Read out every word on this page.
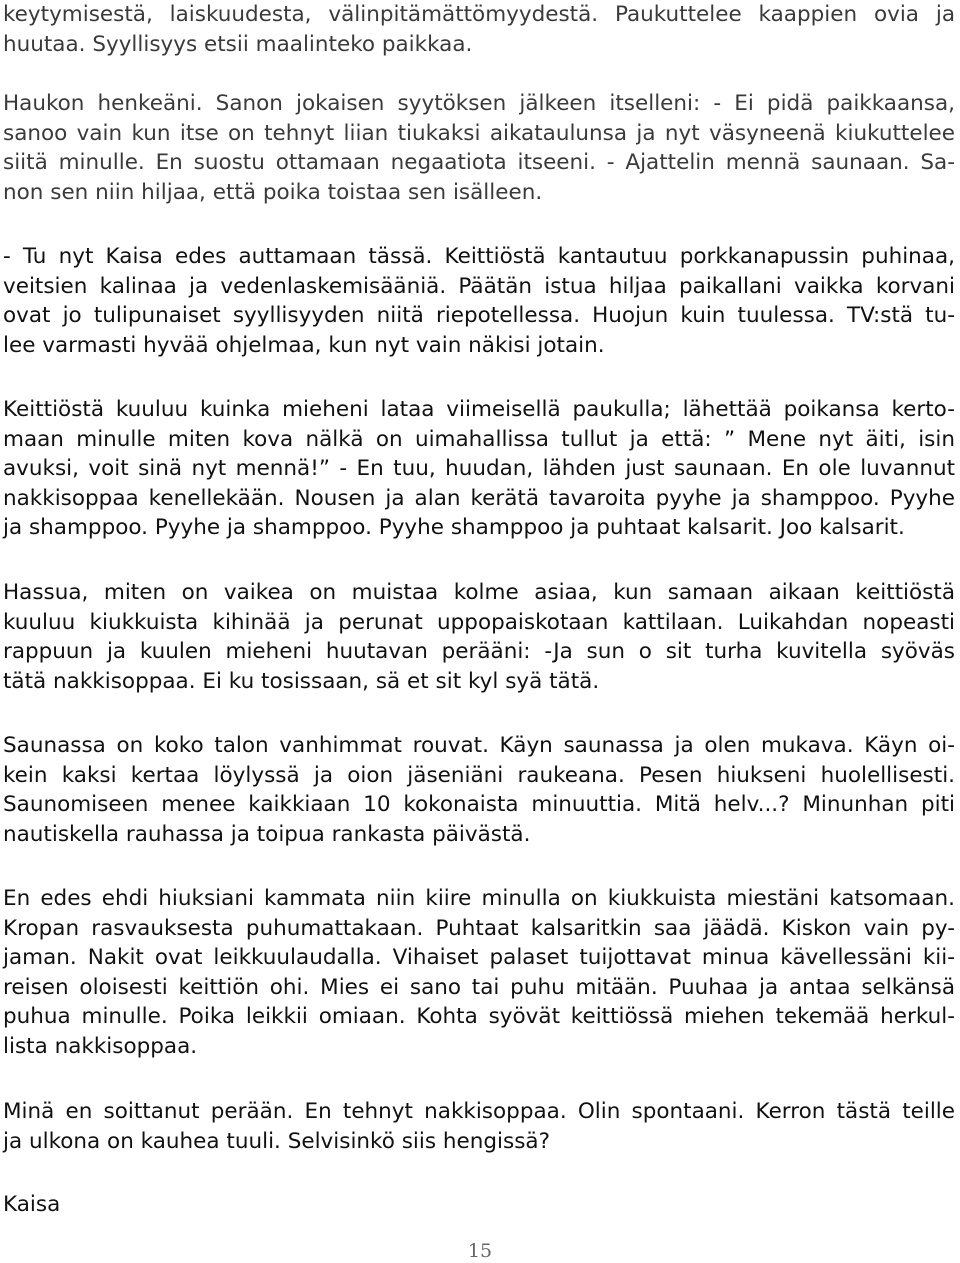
keytymisestä, laiskuudesta, välinpitämättömyydestä. Paukuttelee kaappien ovia ja
huutaa. Syyllisyys etsii maalinteko paikkaa.
Haukon henkeäni. Sanon jokaisen syytöksen jälkeen itselleni: - Ei pidä paikkaansa,
sanoo vain kun itse on tehnyt liian tiukaksi aikataulunsa ja nyt väsyneenä kiukuttelee
siitä minulle. En suostu ottamaan negaatiota itseeni. - Ajattelin mennä saunaan. Sa-
non sen niin hiljaa, että poika toistaa sen isälleen.
- Tu nyt Kaisa edes auttamaan tässä. Keittiöstä kantautuu porkkanapussin puhinaa,
veitsien kalinaa ja vedenlaskemisääniä. Päätän istua hiljaa paikallani vaikka korvani
ovat jo tulipunaiset syyllisyyden niitä riepotellessa. Huojun kuin tuulessa. TV:stä tu-
lee varmasti hyvää ohjelmaa, kun nyt vain näkisi jotain.
Keittiöstä kuuluu kuinka mieheni lataa viimeisellä paukulla; lähettää poikansa kerto-
maan minulle miten kova nälkä on uimahallissa tullut ja että: ” Mene nyt äiti, isin
avuksi, voit sinä nyt mennä!” - En tuu, huudan, lähden just saunaan. En ole luvannut
nakkisoppaa kenellekään. Nousen ja alan kerätä tavaroita pyyhe ja shamppoo. Pyyhe
ja shamppoo. Pyyhe ja shamppoo. Pyyhe shamppoo ja puhtaat kalsarit. Joo kalsarit.
Hassua, miten on vaikea on muistaa kolme asiaa, kun samaan aikaan keittiöstä
kuuluu kiukkuista kihinää ja perunat uppopaiskotaan kattilaan. Luikahdan nopeasti
rappuun ja kuulen mieheni huutavan perääni: -Ja sun o sit turha kuvitella syöväs
tätä nakkisoppaa. Ei ku tosissaan, sä et sit kyl syä tätä.
Saunassa on koko talon vanhimmat rouvat. Käyn saunassa ja olen mukava. Käyn oi-
kein kaksi kertaa löylyssä ja oion jäseniäni raukeana. Pesen hiukseni huolellisesti.
Saunomiseen menee kaikkiaan 10 kokonaista minuuttia. Mitä helv...? Minunhan piti
nautiskella rauhassa ja toipua rankasta päivästä.
En edes ehdi hiuksiani kammata niin kiire minulla on kiukkuista miestäni katsomaan.
Kropan rasvauksesta puhumattakaan. Puhtaat kalsaritkin saa jäädä. Kiskon vain py-
jaman. Nakit ovat leikkuulaudalla. Vihaiset palaset tuijottavat minua kävellessäni kii-
reisen oloisesti keittiön ohi. Mies ei sano tai puhu mitään. Puuhaa ja antaa selkänsä
puhua minulle. Poika leikkii omiaan. Kohta syövät keittiössä miehen tekemää herkul-
lista nakkisoppaa.
Minä en soittanut perään. En tehnyt nakkisoppaa. Olin spontaani. Kerron tästä teille
ja ulkona on kauhea tuuli. Selvisinkö siis hengissä?

Kaisa

15
